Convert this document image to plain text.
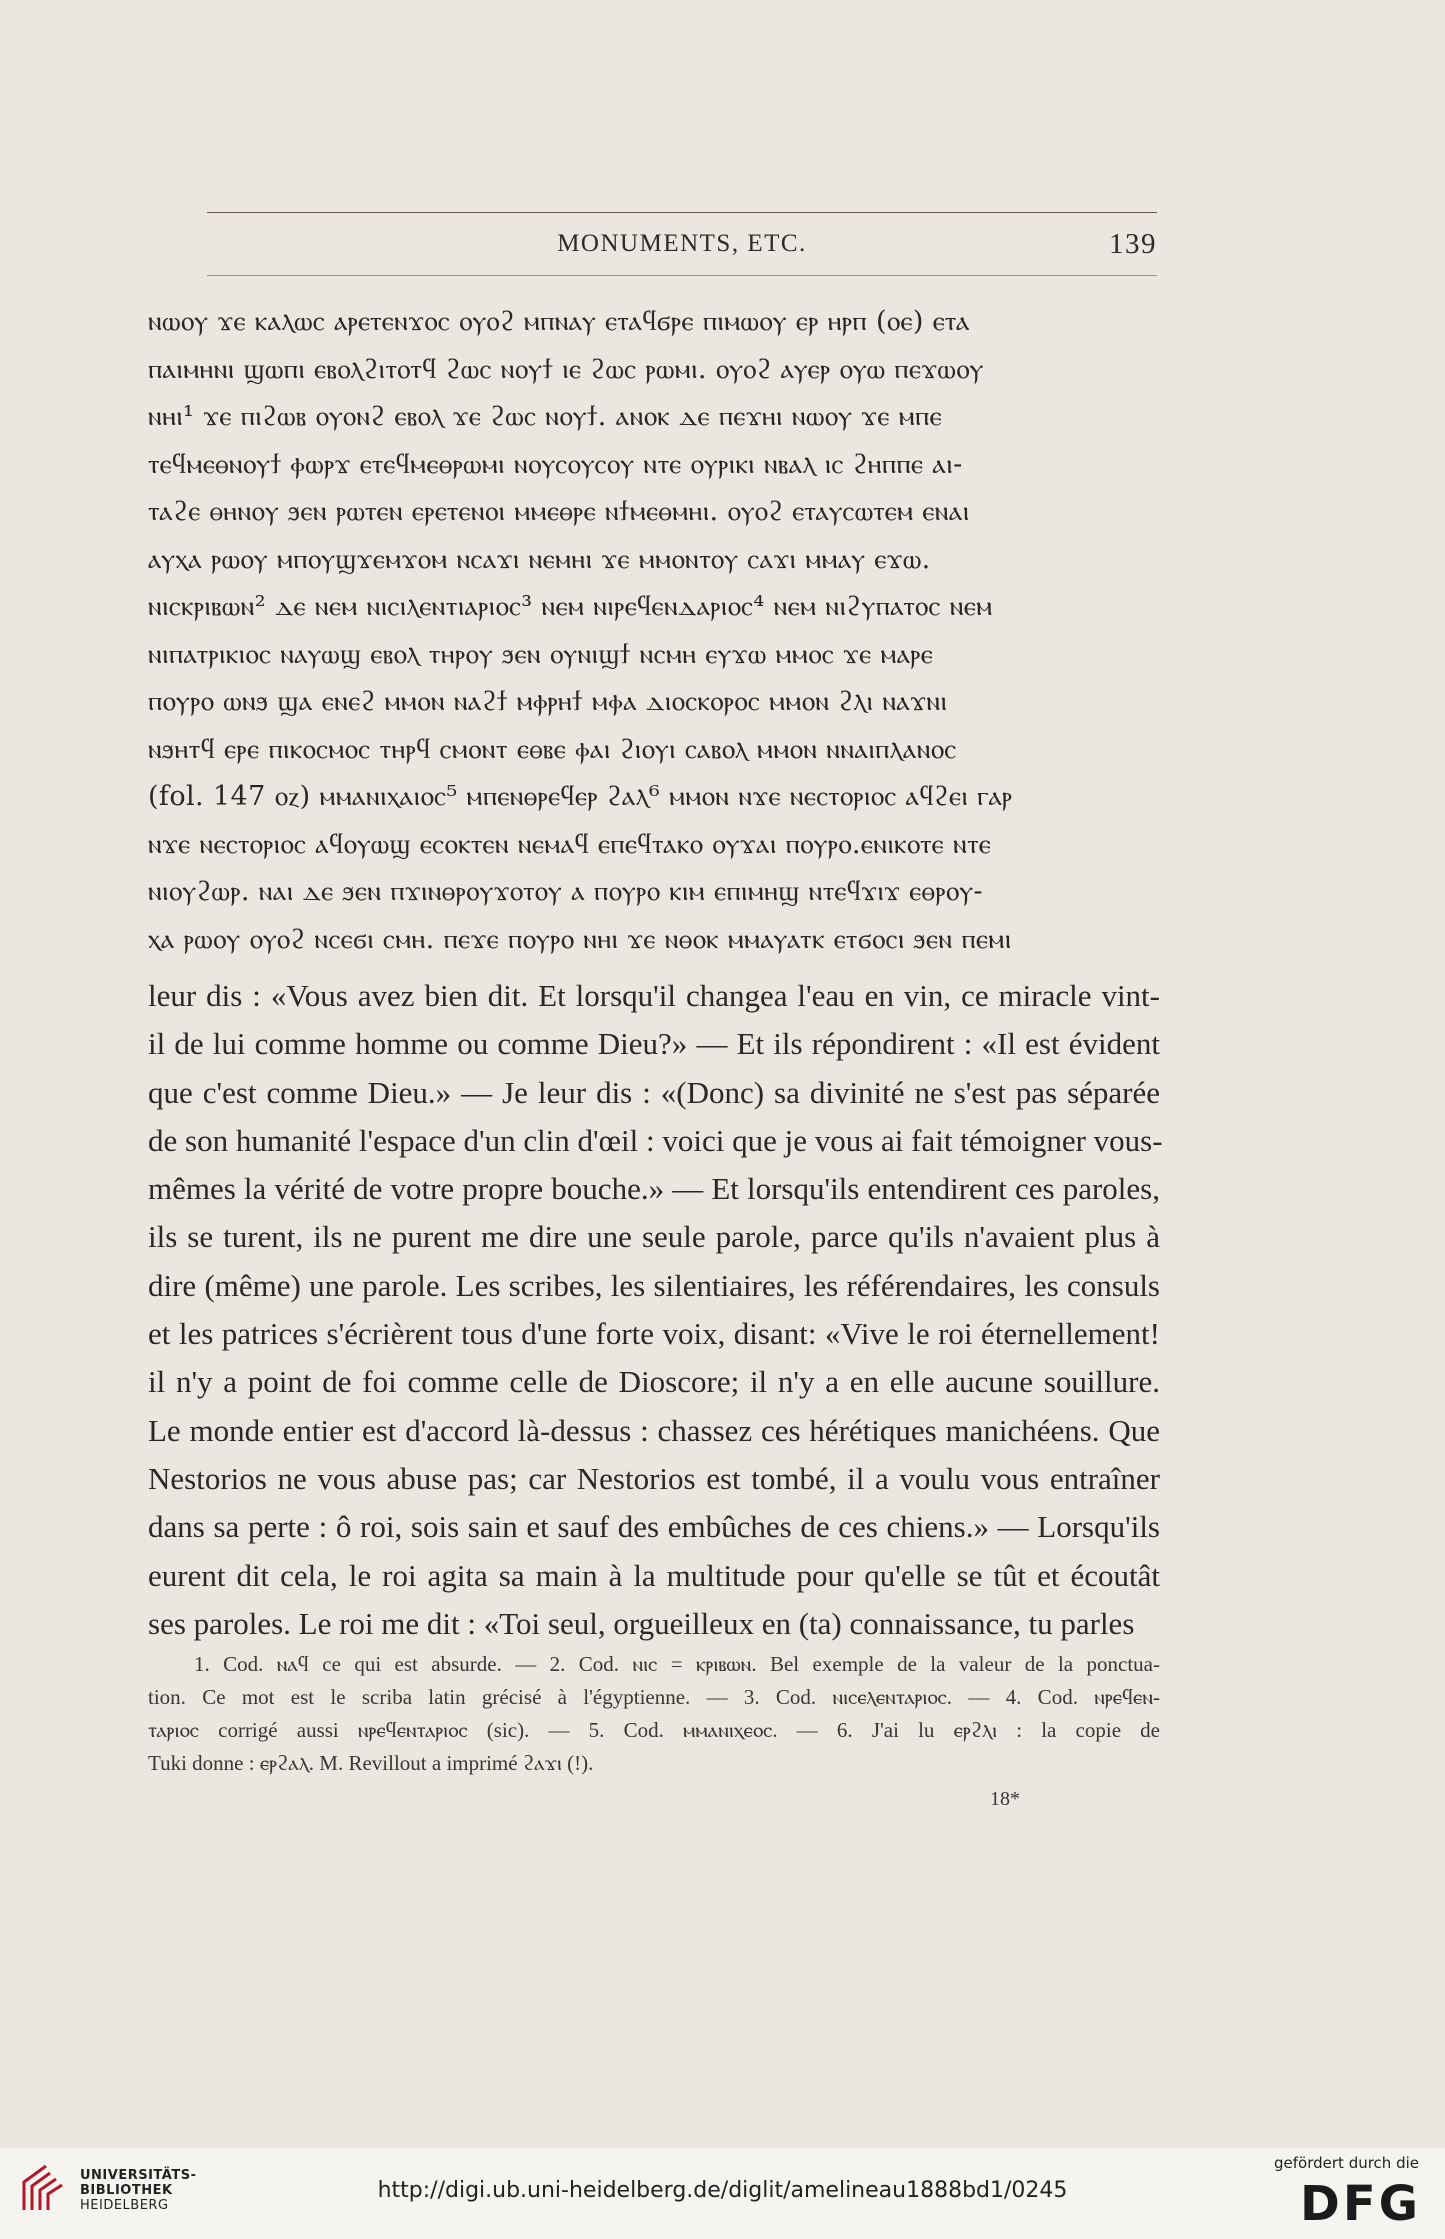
MONUMENTS, ETC.	139
ⲛⲱⲟⲩ ϫⲉ ⲕⲁⲗⲱⲥ ⲁⲣⲉⲧⲉⲛϫⲟⲥ ⲟⲩⲟϩ ⲙⲡⲛⲁⲩ ⲉⲧⲁϥϭⲣⲉ ⲡⲓⲙⲱⲟⲩ ⲉⲣ ⲏⲣⲡ (ⲟⲉ) ⲉⲧⲁ
ⲡⲁⲓⲙⲏⲛⲓ ϣⲱⲡⲓ ⲉⲃⲟⲗϩⲓⲧⲟⲧϥ ϩⲱⲥ ⲛⲟⲩϯ ⲓⲉ ϩⲱⲥ ⲣⲱⲙⲓ. ⲟⲩⲟϩ ⲁⲩⲉⲣ ⲟⲩⲱ ⲡⲉϫⲱⲟⲩ
ⲛⲏⲓ¹ ϫⲉ ⲡⲓϩⲱⲃ ⲟⲩⲟⲛϩ ⲉⲃⲟⲗ ϫⲉ ϩⲱⲥ ⲛⲟⲩϯ. ⲁⲛⲟⲕ ⲇⲉ ⲡⲉϫⲏⲓ ⲛⲱⲟⲩ ϫⲉ ⲙⲡⲉ
ⲧⲉϥⲙⲉⲑⲛⲟⲩϯ ⲫⲱⲣϫ ⲉⲧⲉϥⲙⲉⲑⲣⲱⲙⲓ ⲛⲟⲩⲥⲟⲩⲥⲟⲩ ⲛⲧⲉ ⲟⲩⲣⲓⲕⲓ ⲛⲃⲁⲗ ⲓⲥ ϩⲏⲡⲡⲉ ⲁⲓ-
ⲧⲁϩⲉ ⲑⲏⲛⲟⲩ ϧⲉⲛ ⲣⲱⲧⲉⲛ ⲉⲣⲉⲧⲉⲛⲟⲓ ⲙⲙⲉⲑⲣⲉ ⲛϯⲙⲉⲑⲙⲏⲓ. ⲟⲩⲟϩ ⲉⲧⲁⲩⲥⲱⲧⲉⲙ ⲉⲛⲁⲓ
ⲁⲩⲭⲁ ⲣⲱⲟⲩ ⲙⲡⲟⲩϣϫⲉⲙϫⲟⲙ ⲛⲥⲁϫⲓ ⲛⲉⲙⲏⲓ ϫⲉ ⲙⲙⲟⲛⲧⲟⲩ ⲥⲁϫⲓ ⲙⲙⲁⲩ ⲉϫⲱ.
ⲛⲓⲥⲕⲣⲓⲃⲱⲛ² ⲇⲉ ⲛⲉⲙ ⲛⲓⲥⲓⲗⲉⲛⲧⲓⲁⲣⲓⲟⲥ³ ⲛⲉⲙ ⲛⲓⲣⲉϥⲉⲛⲇⲁⲣⲓⲟⲥ⁴ ⲛⲉⲙ ⲛⲓϩⲩⲡⲁⲧⲟⲥ ⲛⲉⲙ
ⲛⲓⲡⲁⲧⲣⲓⲕⲓⲟⲥ ⲛⲁⲩⲱϣ ⲉⲃⲟⲗ ⲧⲏⲣⲟⲩ ϧⲉⲛ ⲟⲩⲛⲓϣϯ ⲛⲥⲙⲏ ⲉⲩϫⲱ ⲙⲙⲟⲥ ϫⲉ ⲙⲁⲣⲉ
ⲡⲟⲩⲣⲟ ⲱⲛϧ ϣⲁ ⲉⲛⲉϩ ⲙⲙⲟⲛ ⲛⲁϩϯ ⲙⲫⲣⲏϯ ⲙⲫⲁ ⲇⲓⲟⲥⲕⲟⲣⲟⲥ ⲙⲙⲟⲛ ϩⲗⲓ ⲛⲁϫⲛⲓ
ⲛϧⲏⲧϥ ⲉⲣⲉ ⲡⲓⲕⲟⲥⲙⲟⲥ ⲧⲏⲣϥ ⲥⲙⲟⲛⲧ ⲉⲑⲃⲉ ⲫⲁⲓ ϩⲓⲟⲩⲓ ⲥⲁⲃⲟⲗ ⲙⲙⲟⲛ ⲛⲛⲁⲓⲡⲗⲁⲛⲟⲥ
(fol. 147 ⲟⲍ) ⲙⲙⲁⲛⲓⲭⲁⲓⲟⲥ⁵ ⲙⲡⲉⲛⲑⲣⲉϥⲉⲣ ϩⲁⲗ⁶ ⲙⲙⲟⲛ ⲛϫⲉ ⲛⲉⲥⲧⲟⲣⲓⲟⲥ ⲁϥϩⲉⲓ ⲅⲁⲣ
ⲛϫⲉ ⲛⲉⲥⲧⲟⲣⲓⲟⲥ ⲁϥⲟⲩⲱϣ ⲉⲥⲟⲕⲧⲉⲛ ⲛⲉⲙⲁϥ ⲉⲡⲉϥⲧⲁⲕⲟ ⲟⲩϫⲁⲓ ⲡⲟⲩⲣⲟ.ⲉⲛⲓⲕⲟⲧⲉ ⲛⲧⲉ
ⲛⲓⲟⲩϩⲱⲣ. ⲛⲁⲓ ⲇⲉ ϧⲉⲛ ⲡϫⲓⲛⲑⲣⲟⲩϫⲟⲧⲟⲩ ⲁ ⲡⲟⲩⲣⲟ ⲕⲓⲙ ⲉⲡⲓⲙⲏϣ ⲛⲧⲉϥϫⲓϫ ⲉⲑⲣⲟⲩ-
ⲭⲁ ⲣⲱⲟⲩ ⲟⲩⲟϩ ⲛⲥⲉϭⲓ ⲥⲙⲏ. ⲡⲉϫⲉ ⲡⲟⲩⲣⲟ ⲛⲏⲓ ϫⲉ ⲛⲑⲟⲕ ⲙⲙⲁⲩⲁⲧⲕ ⲉⲧϭⲟⲥⲓ ϧⲉⲛ ⲡⲉⲙⲓ
leur dis : «Vous avez bien dit. Et lorsqu'il changea l'eau en vin, ce miracle vint-
il de lui comme homme ou comme Dieu?» — Et ils répondirent : «Il est évident
que c'est comme Dieu.» — Je leur dis : «(Donc) sa divinité ne s'est pas séparée
de son humanité l'espace d'un clin d'œil : voici que je vous ai fait témoigner vous-
mêmes la vérité de votre propre bouche.» — Et lorsqu'ils entendirent ces paroles,
ils se turent, ils ne purent me dire une seule parole, parce qu'ils n'avaient plus à
dire (même) une parole. Les scribes, les silentiaires, les référendaires, les consuls
et les patrices s'écrièrent tous d'une forte voix, disant: «Vive le roi éternellement!
il n'y a point de foi comme celle de Dioscore; il n'y a en elle aucune souillure.
Le monde entier est d'accord là-dessus : chassez ces hérétiques manichéens. Que
Nestorios ne vous abuse pas; car Nestorios est tombé, il a voulu vous entraîner
dans sa perte : ô roi, sois sain et sauf des embûches de ces chiens.» — Lorsqu'ils
eurent dit cela, le roi agita sa main à la multitude pour qu'elle se tût et écoutât
ses paroles. Le roi me dit : «Toi seul, orgueilleux en (ta) connaissance, tu parles
1. Cod. ⲛⲁϥ ce qui est absurde. — 2. Cod. ⲛⲓⲥ = ⲕⲣⲓⲃⲱⲛ. Bel exemple de la valeur de la ponctua-
tion. Ce mot est le scriba latin grécisé à l'égyptienne. — 3. Cod. ⲛⲓⲥⲉⲗⲉⲛⲧⲁⲣⲓⲟⲥ. — 4. Cod. ⲛⲣⲉϥⲉⲛ-
ⲧⲁⲣⲓⲟⲥ corrigé aussi ⲛⲣⲉϥⲉⲛⲧⲁⲣⲓⲟⲥ (sic). — 5. Cod. ⲙⲙⲁⲛⲓⲭⲉⲟⲥ. — 6. J'ai lu ⲉⲣϩⲗⲓ : la copie de
Tuki donne : ⲉⲣϩⲁⲗ. M. Revillout a imprimé ϩⲁϫⲓ (!).
18*
UNIVERSITÄTS-
BIBLIOTHEK
HEIDELBERG
http://digi.ub.uni-heidelberg.de/diglit/amelineau1888bd1/0245
gefördert durch die
DFG
